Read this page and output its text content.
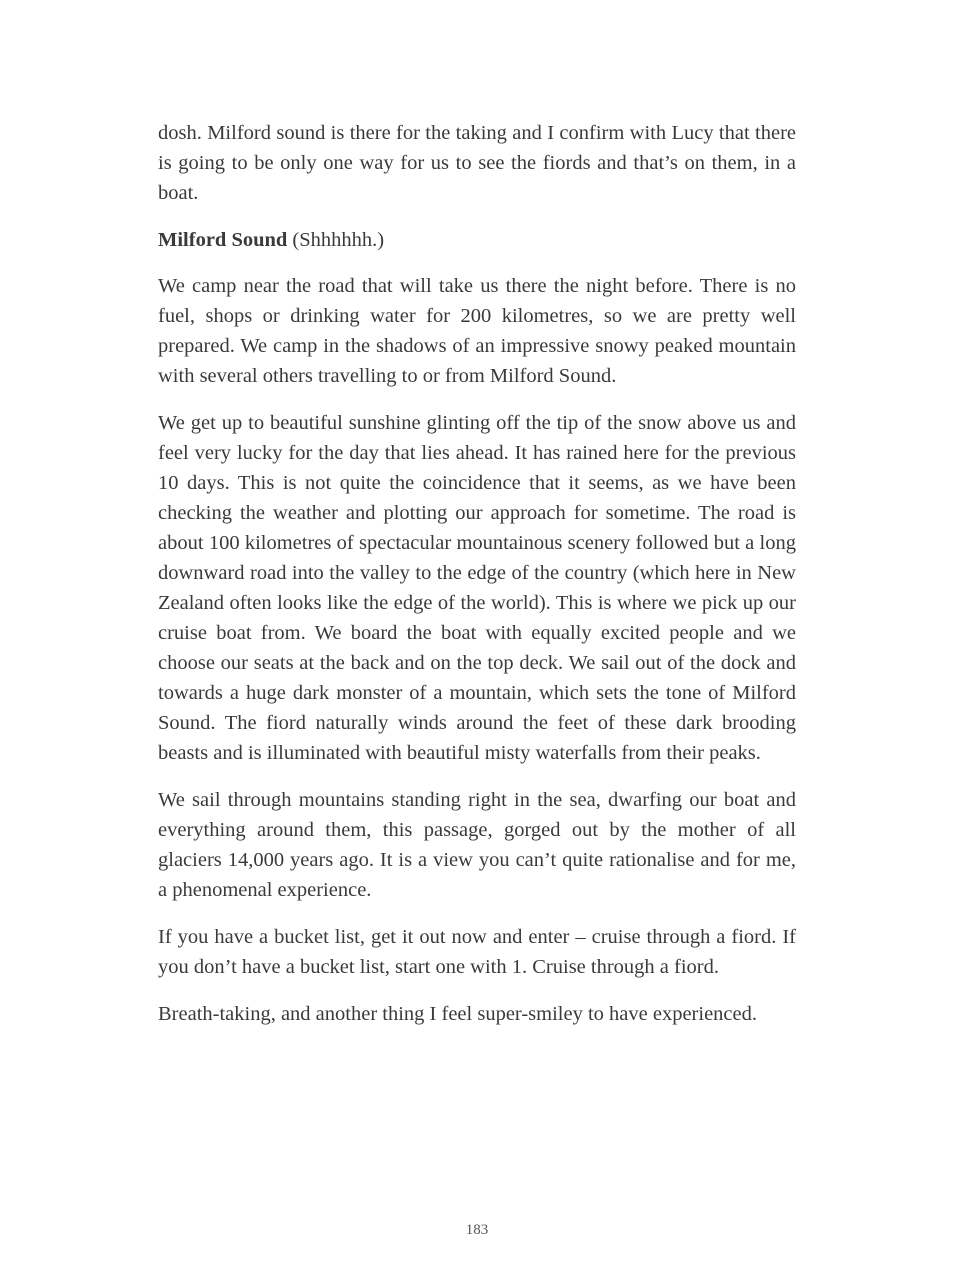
dosh. Milford sound is there for the taking and I confirm with Lucy that there is going to be only one way for us to see the fiords and that’s on them, in a boat.

Milford Sound (Shhhhhh.)

We camp near the road that will take us there the night before. There is no fuel, shops or drinking water for 200 kilometres, so we are pretty well prepared. We camp in the shadows of an impressive snowy peaked mountain with several others travelling to or from Milford Sound.

We get up to beautiful sunshine glinting off the tip of the snow above us and feel very lucky for the day that lies ahead. It has rained here for the previous 10 days. This is not quite the coincidence that it seems, as we have been checking the weather and plotting our approach for sometime. The road is about 100 kilometres of spectacular mountainous scenery followed but a long downward road into the valley to the edge of the country (which here in New Zealand often looks like the edge of the world). This is where we pick up our cruise boat from. We board the boat with equally excited people and we choose our seats at the back and on the top deck. We sail out of the dock and towards a huge dark monster of a mountain, which sets the tone of Milford Sound. The fiord naturally winds around the feet of these dark brooding beasts and is illuminated with beautiful misty waterfalls from their peaks.

We sail through mountains standing right in the sea, dwarfing our boat and everything around them, this passage, gorged out by the mother of all glaciers 14,000 years ago. It is a view you can’t quite rationalise and for me, a phenomenal experience.

If you have a bucket list, get it out now and enter – cruise through a fiord. If you don’t have a bucket list, start one with 1. Cruise through a fiord.

Breath-taking, and another thing I feel super-smiley to have experienced.

183
